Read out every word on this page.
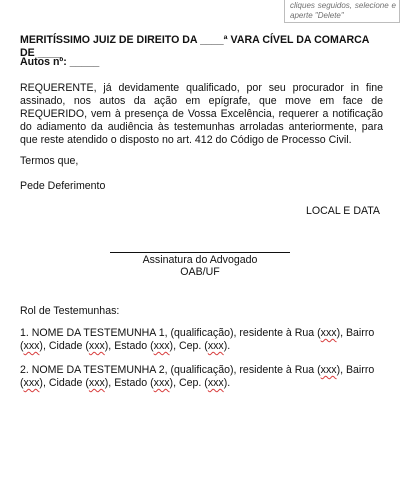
cliques seguidos, selecione e
aperte "Delete"
MERITÍSSIMO JUIZ DE DIREITO DA ____ª VARA CÍVEL DA COMARCA DE ____
Autos nº: _____
REQUERENTE, já devidamente qualificado, por seu procurador in fine assinado, nos autos da ação em epígrafe, que move em face de REQUERIDO, vem à presença de Vossa Excelência, requerer a notificação do adiamento da audiência às testemunhas arroladas anteriormente, para que reste atendido o disposto no art. 412 do Código de Processo Civil.
Termos que,
Pede Deferimento
LOCAL E DATA
Assinatura do Advogado
OAB/UF
Rol de Testemunhas:
1. NOME DA TESTEMUNHA 1, (qualificação), residente à Rua (xxx), Bairro (xxx), Cidade (xxx), Estado (xxx), Cep. (xxx).
2. NOME DA TESTEMUNHA 2, (qualificação), residente à Rua (xxx), Bairro (xxx), Cidade (xxx), Estado (xxx), Cep. (xxx).
